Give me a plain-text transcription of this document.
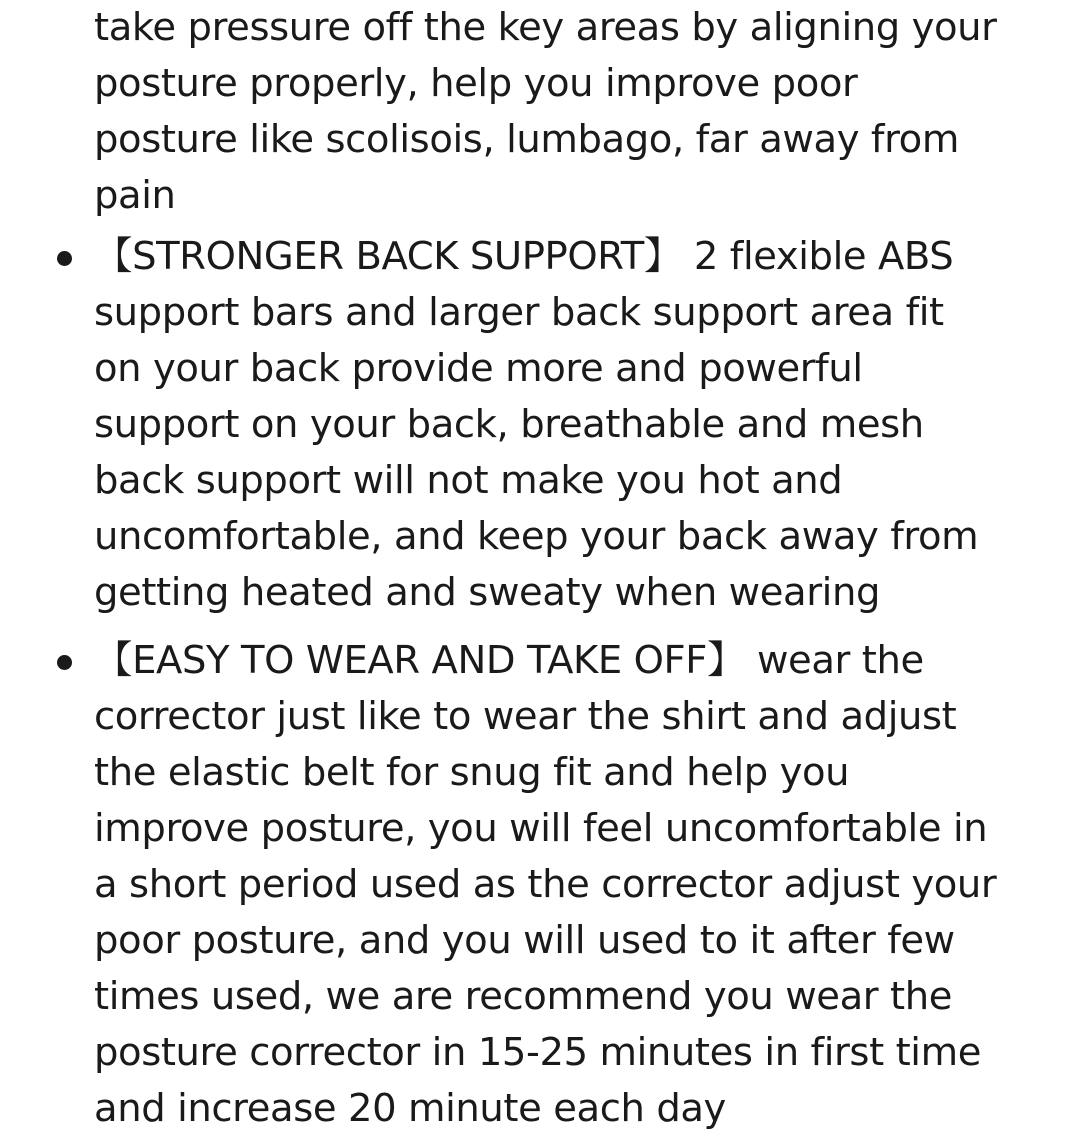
take pressure off the key areas by aligning your
posture properly, help you improve poor
posture like scolisois, lumbago, far away from
pain
【STRONGER BACK SUPPORT】 2 flexible ABS
support bars and larger back support area fit
on your back provide more and powerful
support on your back, breathable and mesh
back support will not make you hot and
uncomfortable, and keep your back away from
getting heated and sweaty when wearing
【EASY TO WEAR AND TAKE OFF】 wear the
corrector just like to wear the shirt and adjust
the elastic belt for snug fit and help you
improve posture, you will feel uncomfortable in
a short period used as the corrector adjust your
poor posture, and you will used to it after few
times used, we are recommend you wear the
posture corrector in 15-25 minutes in first time
and increase 20 minute each day
